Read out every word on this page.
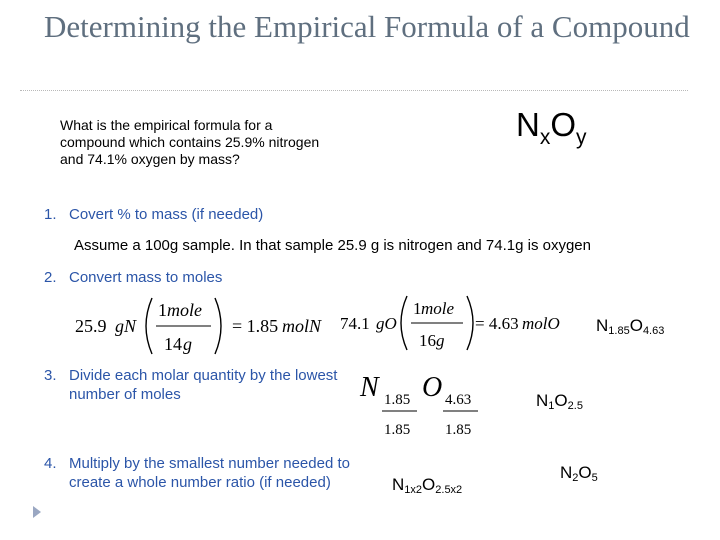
Determining the Empirical Formula of a Compound
What is the empirical formula for a compound which contains 25.9% nitrogen and 74.1% oxygen by mass?
$N_xO_y$
1. Covert % to mass (if needed)
Assume a 100g sample. In that sample 25.9 g is nitrogen and 74.1g is oxygen
2. Convert mass to moles
25.9 gN
1 mole
14 g
= 1.85 molN 74.1 gO
1 mole
16 g
= 4.63 molO $N_{1.85}O_{4.63}$
3. Divide each molar quantity by the lowest number of moles	N 1.85
1.85
O 4.63
1.85
$N_1O_{2.5}$
4. Multiply by the smallest number needed to create a whole number ratio (if needed)	$N_{1x2}O_{2.5x2}$
$N_2O_5$
